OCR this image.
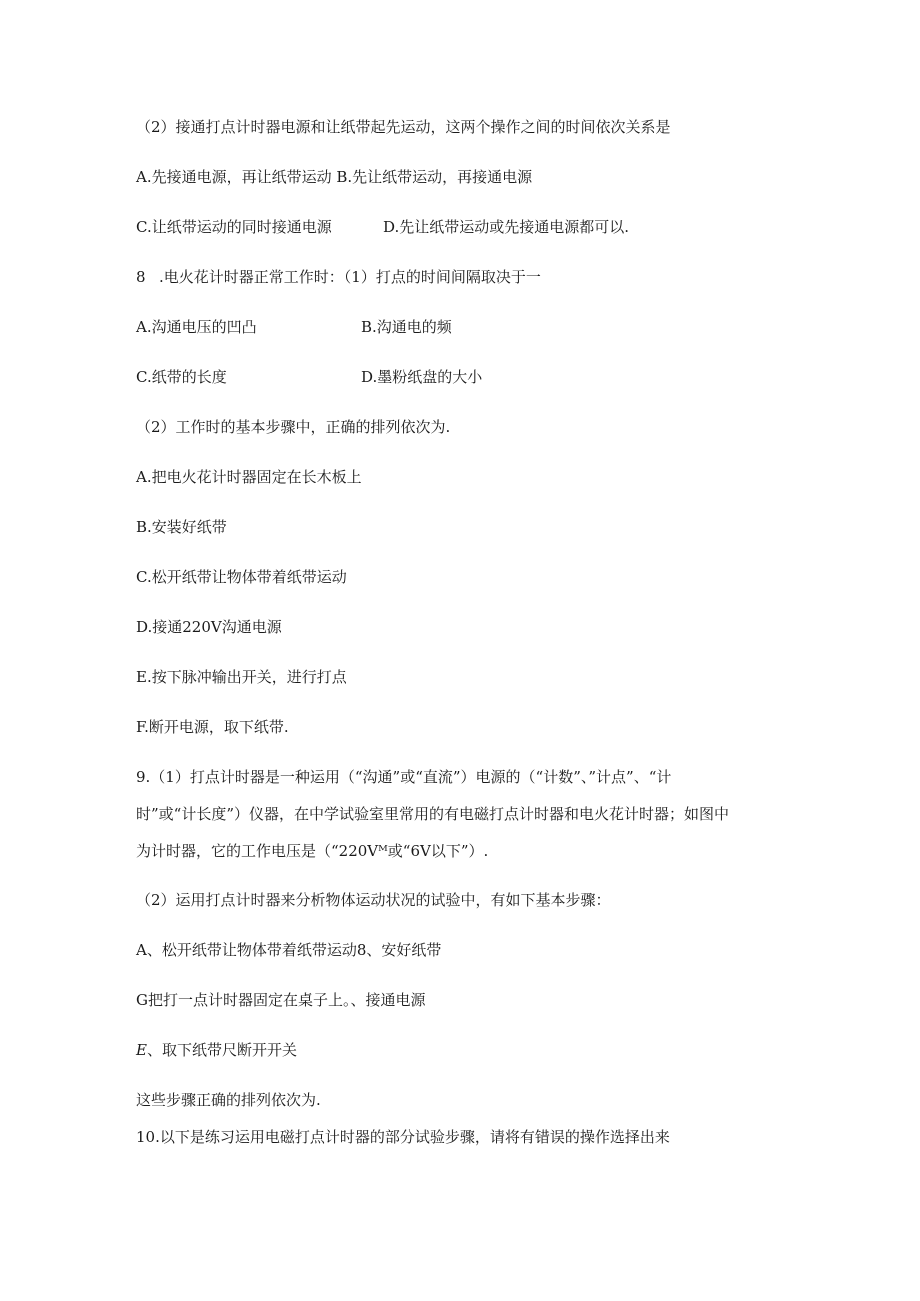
（2）接通打点计时器电源和让纸带起先运动，这两个操作之间的时间依次关系是
A.先接通电源，再让纸带运动 B.先让纸带运动，再接通电源
C.让纸带运动的同时接通电源	D.先让纸带运动或先接通电源都可以.
8 .电火花计时器正常工作时：（1）打点的时间间隔取决于一
A.沟通电压的凹凸	B.沟通电的频
C.纸带的长度	D.墨粉纸盘的大小
（2）工作时的基本步骤中，正确的排列依次为.
A.把电火花计时器固定在长木板上
B.安装好纸带
C.松开纸带让物体带着纸带运动
D.接通220V沟通电源
E.按下脉冲输出开关，进行打点
F.断开电源，取下纸带.
9.（1）打点计时器是一种运用（“沟通”或“直流”）电源的（“计数”、”计点”、“计
时”或“计长度”）仪器，在中学试验室里常用的有电磁打点计时器和电火花计时器；如图中
为计时器，它的工作电压是（“220Vᴹ或“6V以下”）.
（2）运用打点计时器来分析物体运动状况的试验中，有如下基本步骤：
A、松开纸带让物体带着纸带运动8、安好纸带
G把打一点计时器固定在桌子上。、接通电源
E、取下纸带尺断开开关
这些步骤正确的排列依次为.
10.以下是练习运用电磁打点计时器的部分试验步骤，请将有错误的操作选择出来
